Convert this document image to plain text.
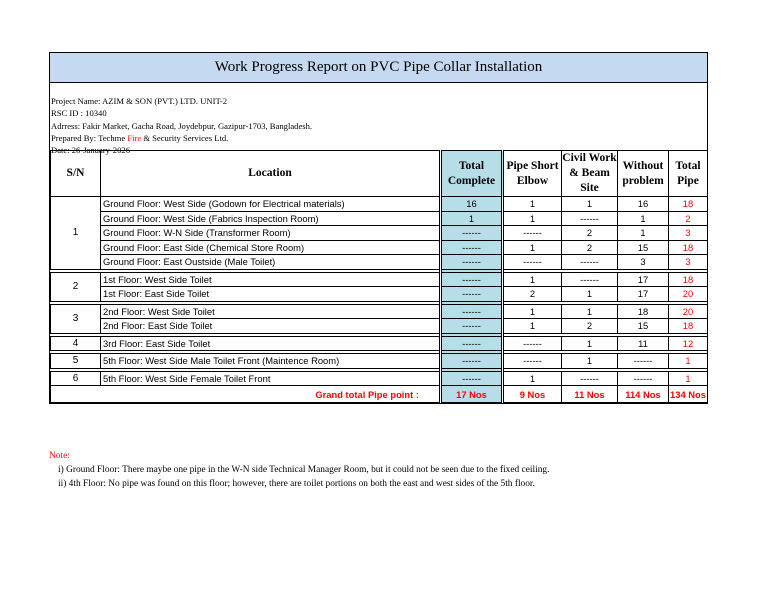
Work Progress Report on PVC Pipe Collar Installation
Project Name: AZIM & SON (PVT.) LTD. UNIT-2
RSC ID : 10340
Adrress: Fakir Market, Gacha Road, Joydebpur, Gazipur-1703, Bangladesh.
Prepared By: Techme Fire & Security Services Ltd.
Date: 26-January-2026
S/N	Location	Total Complete	Pipe Short Elbow	Civil Work & Beam Site	Without problem	Total Pipe
1	Ground Floor: West Side (Godown for Electrical materials)	16	1	1	16	18
	Ground Floor: West Side (Fabrics Inspection Room)	1	1	------	1	2
	Ground Floor: W-N Side (Transformer Room)	------	------	2	1	3
	Ground Floor: East Side (Chemical Store Room)	------	1	2	15	18
	Ground Floor: East Oustside (Male Toilet)	------	------	------	3	3

2	1st Floor: West Side Toilet	------	1	------	17	18
	1st Floor: East Side Toilet	------	2	1	17	20

3	2nd Floor: West Side Toilet	------	1	1	18	20
	2nd Floor: East Side Toilet	------	1	2	15	18

4	3rd Floor: East Side Toilet	------	------	1	11	12

5	5th Floor: West Side Male Toilet Front (Maintence Room)	------	------	1	------	1

6	5th Floor: West Side Female Toilet Front	------	1	------	------	1
Grand total Pipe point :		17 Nos	9 Nos	11 Nos	114 Nos	134 Nos
Note:
i) Ground Floor: There maybe one pipe in the W-N side Technical Manager Room, but it could not be seen due to the fixed ceiling.
ii) 4th Floor: No pipe was found on this floor; however, there are toilet portions on both the east and west sides of the 5th floor.
